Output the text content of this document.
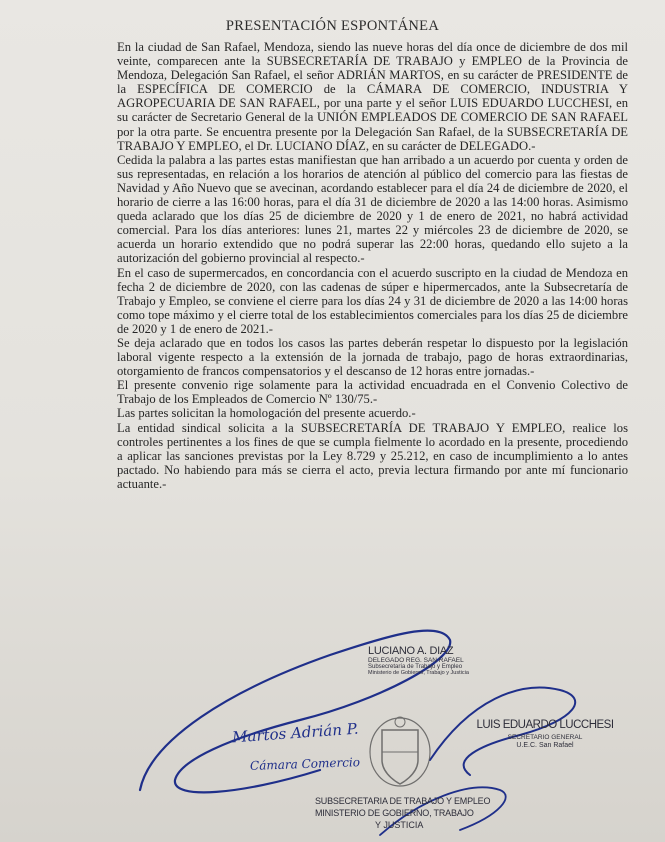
PRESENTACIÓN ESPONTÁNEA

En la ciudad de San Rafael, Mendoza, siendo las nueve horas del día once de diciembre de dos mil veinte, comparecen ante la SUBSECRETARÍA DE TRABAJO y EMPLEO de la Provincia de Mendoza, Delegación San Rafael, el señor ADRIÁN MARTOS, en su carácter de PRESIDENTE de la ESPECÍFICA DE COMERCIO de la CÁMARA DE COMERCIO, INDUSTRIA Y AGROPECUARIA DE SAN RAFAEL, por una parte y el señor LUIS EDUARDO LUCCHESI, en su carácter de Secretario General de la UNIÓN EMPLEADOS DE COMERCIO DE SAN RAFAEL por la otra parte. Se encuentra presente por la Delegación San Rafael, de la SUBSECRETARÍA DE TRABAJO Y EMPLEO, el Dr. LUCIANO DÍAZ, en su carácter de DELEGADO.-

Cedida la palabra a las partes estas manifiestan que han arribado a un acuerdo por cuenta y orden de sus representadas, en relación a los horarios de atención al público del comercio para las fiestas de Navidad y Año Nuevo que se avecinan, acordando establecer para el día 24 de diciembre de 2020, el horario de cierre a las 16:00 horas, para el día 31 de diciembre de 2020 a las 14:00 horas. Asimismo queda aclarado que los días 25 de diciembre de 2020 y 1 de enero de 2021, no habrá actividad comercial. Para los días anteriores: lunes 21, martes 22 y miércoles 23 de diciembre de 2020, se acuerda un horario extendido que no podrá superar las 22:00 horas, quedando ello sujeto a la autorización del gobierno provincial al respecto.-

En el caso de supermercados, en concordancia con el acuerdo suscripto en la ciudad de Mendoza en fecha 2 de diciembre de 2020, con las cadenas de súper e hipermercados, ante la Subsecretaría de Trabajo y Empleo, se conviene el cierre para los días 24 y 31 de diciembre de 2020 a las 14:00 horas como tope máximo y el cierre total de los establecimientos comerciales para los días 25 de diciembre de 2020 y 1 de enero de 2021.-

Se deja aclarado que en todos los casos las partes deberán respetar lo dispuesto por la legislación laboral vigente respecto a la extensión de la jornada de trabajo, pago de horas extraordinarias, otorgamiento de francos compensatorios y el descanso de 12 horas entre jornadas.-

El presente convenio rige solamente para la actividad encuadrada en el Convenio Colectivo de Trabajo de los Empleados de Comercio Nº 130/75.-

Las partes solicitan la homologación del presente acuerdo.-

La entidad sindical solicita a la SUBSECRETARÍA DE TRABAJO Y EMPLEO, realice los controles pertinentes a los fines de que se cumpla fielmente lo acordado en la presente, procediendo a aplicar las sanciones previstas por la Ley 8.729 y 25.212, en caso de incumplimiento a lo antes pactado. No habiendo para más se cierra el acto, previa lectura firmando por ante mí funcionario actuante.-

Martos Adrián P.
Cámara Comercio
LUCIANO A. DIAZ
DELEGADO REG. SAN RAFAEL
Subsecretaría de Trabajo y Empleo
Ministerio de Gobierno, Trabajo y Justicia
LUIS EDUARDO LUCCHESI
SECRETARIO GENERAL
U.E.C. San Rafael
SUBSECRETARIA DE TRABAJO Y EMPLEO
MINISTERIO DE GOBIERNO, TRABAJO
Y JUSTICIA
